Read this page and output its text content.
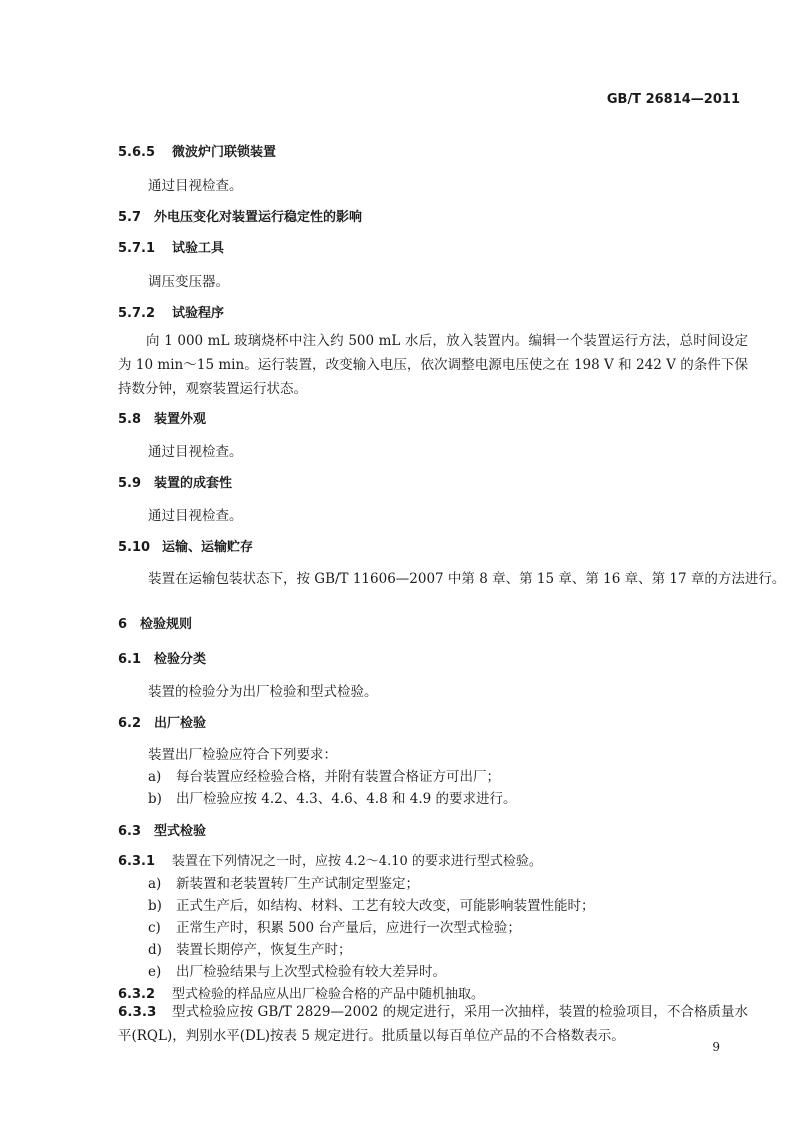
GB/T 26814—2011
5.6.5 微波炉门联锁装置
通过目视检查。
5.7 外电压变化对装置运行稳定性的影响
5.7.1 试验工具
调压变压器。
5.7.2 试验程序
向 1 000 mL 玻璃烧杯中注入约 500 mL 水后，放入装置内。编辑一个装置运行方法，总时间设定为 10 min～15 min。运行装置，改变输入电压，依次调整电源电压使之在 198 V 和 242 V 的条件下保持数分钟，观察装置运行状态。
5.8 装置外观
通过目视检查。
5.9 装置的成套性
通过目视检查。
5.10 运输、运输贮存
装置在运输包装状态下，按 GB/T 11606—2007 中第 8 章、第 15 章、第 16 章、第 17 章的方法进行。
6 检验规则
6.1 检验分类
装置的检验分为出厂检验和型式检验。
6.2 出厂检验
装置出厂检验应符合下列要求：
a) 每台装置应经检验合格，并附有装置合格证方可出厂；
b) 出厂检验应按 4.2、4.3、4.6、4.8 和 4.9 的要求进行。
6.3 型式检验
6.3.1 装置在下列情况之一时，应按 4.2～4.10 的要求进行型式检验。
a) 新装置和老装置转厂生产试制定型鉴定；
b) 正式生产后，如结构、材料、工艺有较大改变，可能影响装置性能时；
c) 正常生产时，积累 500 台产量后，应进行一次型式检验；
d) 装置长期停产，恢复生产时；
e) 出厂检验结果与上次型式检验有较大差异时。
6.3.2 型式检验的样品应从出厂检验合格的产品中随机抽取。
6.3.3 型式检验应按 GB/T 2829—2002 的规定进行，采用一次抽样，装置的检验项目，不合格质量水平(RQL)，判别水平(DL)按表 5 规定进行。批质量以每百单位产品的不合格数表示。
9
